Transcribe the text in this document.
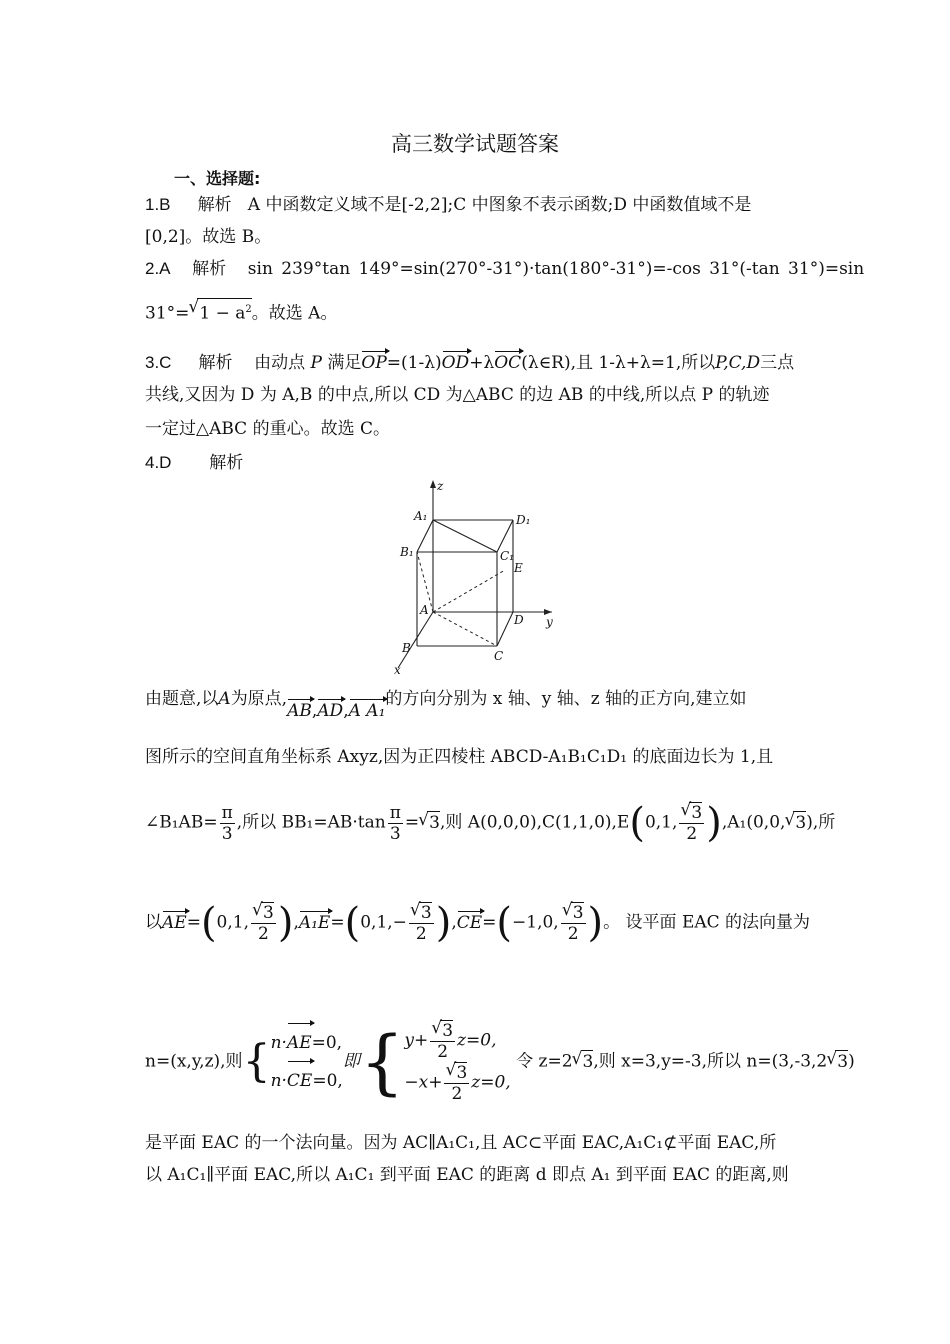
高三数学试题答案
一、选择题:
1.B 解析 A 中函数定义域不是[-2,2];C 中图象不表示函数;D 中函数值域不是
[0,2]。故选 B。
2.A 解析 sin 239°tan 149°=sin(270°-31°)·tan(180°-31°)=-cos 31°(-tan 31°)=sin
31°=√ $1 - a^2$。故选 A。
3.C 解析 由动点 P 满足OP=(1-λ)OD+λOC(λ∈R),且 1-λ+λ=1,所以P,C,D三点
共线,又因为 D 为 A,B 的中点,所以 CD 为△ABC 的边 AB 的中线,所以点 P 的轨迹
一定过△ABC 的重心。故选 C。
4.D 解析
z
y
x
A₁	D₁
B₁	C₁
E
A
D
B
C
由题意,以A为原点,AB,AD,A A₁的方向分别为 x 轴、y 轴、z 轴的正方向,建立如
图所示的空间直角坐标系 Axyz,因为正四棱柱 ABCD-A₁B₁C₁D₁ 的底面边长为 1,且
∠B₁AB= $\frac{\pi}{3}$ ,所以 $BB_1=AB\cdot\tan \frac{\pi}{3}$ =√ 3,则 A(0,0,0),C(1,1,0),E(0,1,
√ $\frac{3}{2} ),A_1(0,0,√$ 3),所
以AE=(0,1,
√ $\frac{3}{2} ),A_1E=(0,1,-$
√ $\frac{3}{2} ),CE=(-1,0$,
√ $\frac{3}{2}$ )。 设平面 EAC 的法向量为
n=(x,y,z),则{ n·AE=0,
n·CE=0,
即{ y+
√ $\frac{3}{2} z=0$,
−x+
√ $\frac{3}{2} z=0$,
令 z=2√ 3,则 x=3,y=-3,所以 n=(3,-3,2√ 3)
是平面 EAC 的一个法向量。因为 AC∥A₁C₁,且 AC⊂平面 EAC,A₁C₁⊄平面 EAC,所
以 A₁C₁∥平面 EAC,所以 A₁C₁ 到平面 EAC 的距离 d 即点 A₁ 到平面 EAC 的距离,则
